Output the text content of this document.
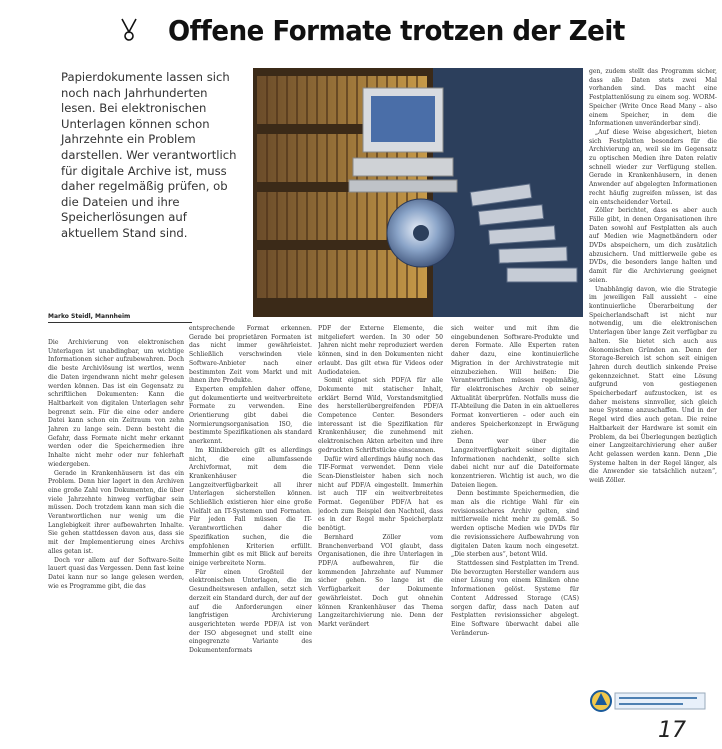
Offene Formate trotzen der Zeit
Papierdokumente lassen sich noch nach Jahrhunderten lesen. Bei elektronischen Unterlagen können schon Jahrzehnte ein Problem darstellen. Wer verantwortlich für digitale Archive ist, muss daher regelmäßig prüfen, ob die Dateien und ihre Speicherlösungen auf aktuellem Stand sind.
Marko Steidl, Mannheim

Die Archivierung von elektronischen Unterlagen ist unabdingbar, um wichtige Informationen sicher aufzubewahren. Doch die beste Archivlösung ist wertlos, wenn die Daten irgendwann nicht mehr gelesen werden können. Das ist ein Gegensatz zu schriftlichen Dokumenten: Kann die Haltbarkeit von digitalen Unterlagen sehr begrenzt sein. Für die eine oder andere Datei kann schon ein Zeitraum von zehn Jahren zu lange sein. Denn besteht die Gefahr, dass Formate nicht mehr erkannt werden oder die Speichermedien ihre Inhalte nicht mehr oder nur fehlerhaft wiedergeben.

Gerade in Krankenhäusern ist das ein Problem. Denn hier lagert in den Archiven eine große Zahl von Dokumenten, die über viele Jahrzehnte hinweg verfügbar sein müssen. Doch trotzdem kann man sich die Verantwortlichen nur wenig um die Langlebigkeit ihrer aufbewahrten Inhalte. Sie gehen stattdessen davon aus, dass sie mit der Implementierung eines Archivs alles getan ist.

Doch vor allem auf der Software-Seite lauert quasi das Vergessen. Denn fast keine Datei kann nur so lange gelesen werden, wie es Programme gibt, die das

entsprechende Format erkennen. Gerade bei proprietären Formaten ist das nicht immer gewährleistet. Schließlich verschwinden viele Software-Anbieter nach einer bestimmten Zeit vom Markt und mit ihnen ihre Produkte.

Experten empfehlen daher offene, gut dokumentierte und weitverbreitete Formate zu verwenden. Eine Orientierung gibt dabei die Normierungsorganisation ISO, die bestimmte Spezifikationen als standard anerkennt.

Im Klinikbereich gilt es allerdings nicht, die eine allumfassende Archivformat, mit dem die Krankenhäuser die Langzeitverfügbarkeit all ihrer Unterlagen sicherstellen können. Schließlich existieren hier eine große Vielfalt an IT-Systemen und Formaten. Für jeden Fall müssen die IT-Verantwortlichen daher die Spezifikation suchen, die die empfohlenen Kriterien erfüllt. Immerhin gibt es mit Blick auf bereits einige verbreitete Norm.

Für einen Großteil der elektronischen Unterlagen, die im Gesundheitswesen anfallen, setzt sich derzeit ein Standard durch, der auf der auf die Anforderungen einer langfristigen Archivierung ausgerichteten werde PDF/A ist von der ISO abgesegnet und stellt eine eingegrenzte Variante des Dokumentenformats

PDF der Externe Elemente, die mitgeliefert werden. In 30 oder 50 Jahren nicht mehr reproduziert werden können, sind in den Dokumenten nicht erlaubt. Das gilt etwa für Videos oder Audiodateien.

Somit eignet sich PDF/A für alle Dokumente mit statischer Inhalt, erklärt Bernd Wild, Vorstandsmitglied des herstellerübergreifenden PDF/A Competence Center. Besonders interessant ist die Spezifikation für Krankenhäuser, die zunehmend mit elektronischen Akten arbeiten und ihre gedruckten Schriftstücke einscannen.

Dafür wird allerdings häufig noch das TIF-Format verwendet. Denn viele Scan-Dienstleister haben sich noch nicht auf PDF/A eingestellt. Immerhin ist auch TIF ein weitverbreitetes Format. Gegenüber PDF/A hat es jedoch zum Beispiel den Nachteil, dass es in der Regel mehr Speicherplatz benötigt.

Bernhard Zöller vom Branchenverband VOI glaubt, dass Organisationen, die ihre Unterlagen in PDF/A aufbewahren, für die kommenden Jahrzehnte auf Nummer sicher gehen. So lange ist die Verfügbarkeit der Dokumente gewährleistet. Doch gut ohnehin können Krankenhäuser das Thema Langzeitarchivierung nie. Denn der Markt verändert

sich weiter und mit ihm die eingebundenen Software-Produkte und deren Formate. Alle Experten raten daher dazu, eine kontinuierliche Migration in der Archivstrategie mit einzubeziehen. Will heißen: Die Verantwortlichen müssen regelmäßig, für elektronisches Archiv ob seiner Aktualität überprüfen. Notfalls muss die IT-Abteilung die Daten in ein aktuelleres Format konvertieren – oder auch ein anderes Speicherkonzept in Erwägung ziehen.

Denn wer über die Langzeitverfügbarkeit seiner digitalen Informationen nachdenkt, sollte sich dabei nicht nur auf die Dateiformate konzentrieren. Wichtig ist auch, wo die Dateien liegen.

Denn bestimmte Speichermedien, die man als die richtige Wahl für ein revisionssicheres Archiv gelten, sind mittlerweile nicht mehr zu gemäß. So werden optische Medien wie DVDs für die revisionssichere Aufbewahrung von digitalen Daten kaum noch eingesetzt. „Die sterben aus“, betont Wild.

Stattdessen sind Festplatten im Trend. Die bevorzugten Hersteller wandern aus einer Lösung von einem Kliniken ohne Informationen gelöst. Systeme für Content Addressed Storage (CAS) sorgen dafür, dass nach Daten auf Festplatten revisionssicher abgelegt. Eine Software überwacht dabei alle Veränderun-

gen, zudem stellt das Programm sicher, dass alle Daten stets zwei Mal vorhanden sind. Das macht eine Festplattenlösung zu einem sog. WORM-Speicher (Write Once Read Many – also einem Speicher, in dem die Informationen unveränderbar sind).

„Auf diese Weise abgesichert, bieten sich Festplatten besonders für die Archivierung an, weil sie im Gegensatz zu optischen Medien ihre Daten relativ schnell wieder zur Verfügung stellen. Gerade in Krankenhäusern, in denen Anwender auf abgelegten Informationen recht häufig zugreifen müssen, ist das ein entscheidender Vorteil.

Zöller berichtet, dass es aber auch Fälle gibt, in denen Organisationen ihre Daten sowohl auf Festplatten als auch auf Medien wie Magnetbändern oder DVDs abspeichern, um dich zusätzlich abzusichern. Und mittlerweile gebe es DVDs, die besonders lange halten und damit für die Archivierung geeignet seien.

Unabhängig davon, wie die Strategie im jeweiligen Fall aussieht – eine kontinuierliche Überarbeitung der Speicherlandschaft ist nicht nur notwendig, um die elektronischen Unterlagen über lange Zeit verfügbar zu halten. Sie bietet sich auch aus ökonomischen Gründen an. Denn der Storage-Bereich ist schon seit einigen Jahren durch deutlich sinkende Preise gekennzeichnet. Statt eine Lösung aufgrund von gestiegenen Speicherbedarf aufzustocken, ist es daher meistens sinnvoller, sich gleich neue Systeme anzuschaffen. Und in der Regel wird dies auch getan. Die reine Haltbarkeit der Hardware ist somit ein Problem, da bei Überlegungen bezüglich einer Langzeitarchivierung eher außer Acht gelassen werden kann. Denn „Die Systeme halten in der Regel länger, als die Anwender sie tatsächlich nutzen“, weiß Zöller.

17
